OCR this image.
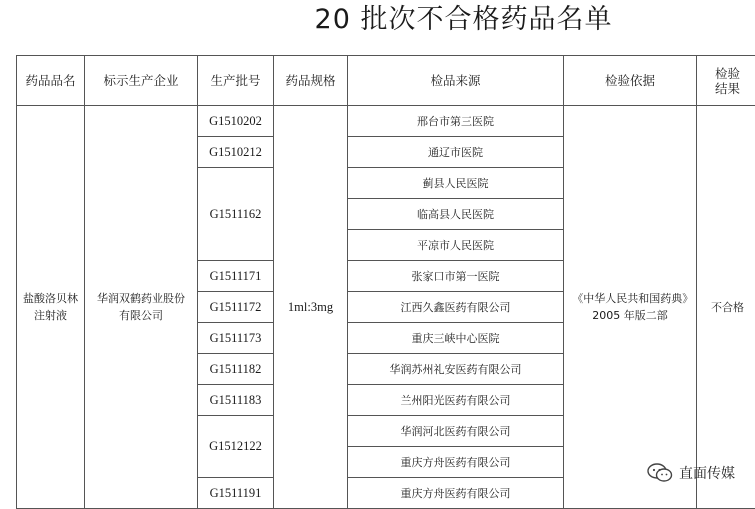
20 批次不合格药品名单
药品品名	标示生产企业	生产批号	药品规格	检品来源	检验依据	检验结果

盐酸洛贝林注射液	华润双鹤药业股份有限公司	G1510202	1ml:3mg	邢台市第三医院	《中华人民共和国药典》2005 年版二部	不合格
		G1510212		通辽市医院		
		G1511162		蓟县人民医院		
				临高县人民医院		
				平凉市人民医院		
		G1511171		张家口市第一医院		
		G1511172		江西久鑫医药有限公司		
		G1511173		重庆三峡中心医院		
		G1511182		华润苏州礼安医药有限公司		
		G1511183		兰州阳光医药有限公司		
		G1512122		华润河北医药有限公司		
				重庆方舟医药有限公司		
		G1511191		重庆方舟医药有限公司		
直面传媒
